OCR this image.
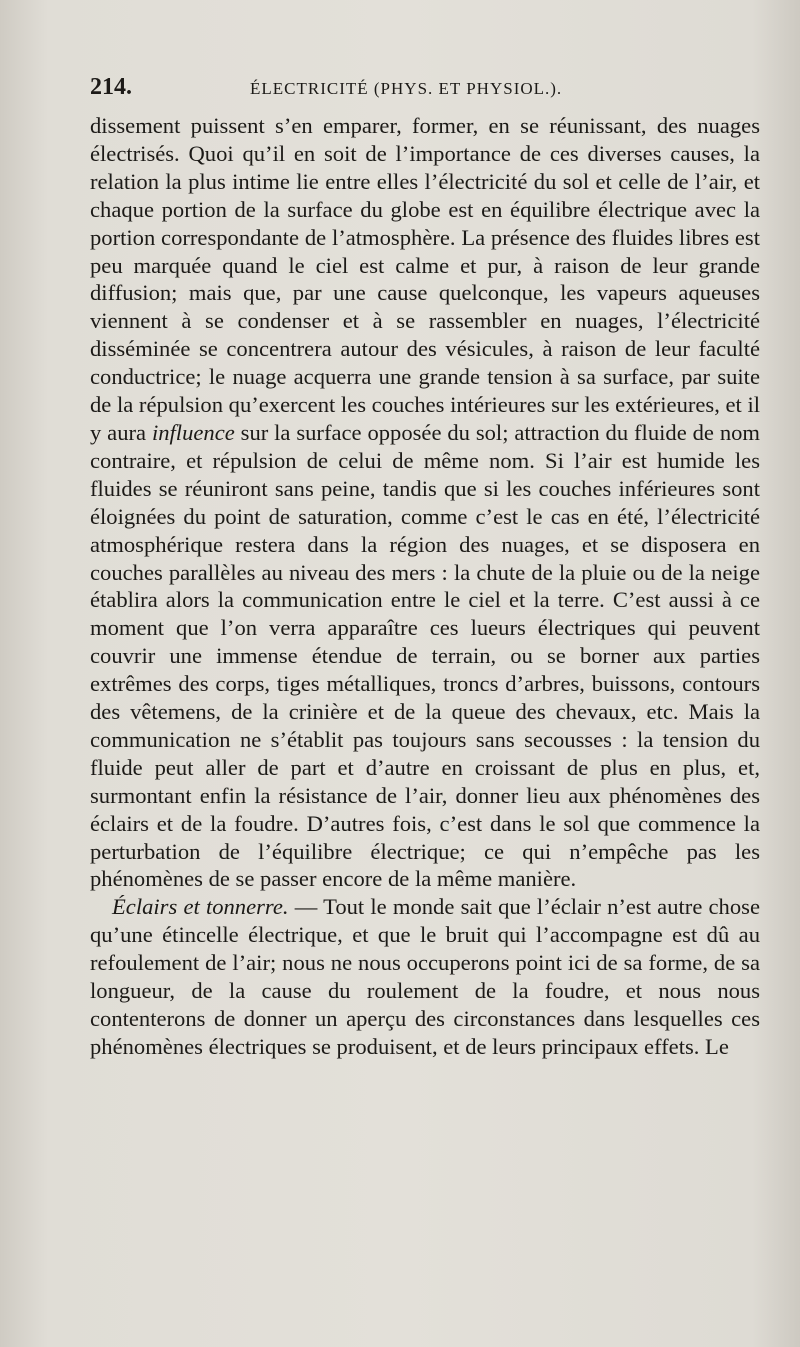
214.	ÉLECTRICITÉ (PHYS. ET PHYSIOL.).

dissement puissent s’en emparer, former, en se réunissant, des nuages électrisés. Quoi qu’il en soit de l’importance de ces diverses causes, la relation la plus intime lie entre elles l’électricité du sol et celle de l’air, et chaque portion de la surface du globe est en équilibre électrique avec la portion correspondante de l’atmosphère. La présence des fluides libres est peu marquée quand le ciel est calme et pur, à raison de leur grande diffusion; mais que, par une cause quelconque, les vapeurs aqueuses viennent à se condenser et à se rassembler en nuages, l’électricité disséminée se concentrera autour des vésicules, à raison de leur faculté conductrice; le nuage acquerra une grande tension à sa surface, par suite de la répulsion qu’exercent les couches intérieures sur les extérieures, et il y aura influence sur la surface opposée du sol; attraction du fluide de nom contraire, et répulsion de celui de même nom. Si l’air est humide les fluides se réuniront sans peine, tandis que si les couches inférieures sont éloignées du point de saturation, comme c’est le cas en été, l’électricité atmosphérique restera dans la région des nuages, et se disposera en couches parallèles au niveau des mers : la chute de la pluie ou de la neige établira alors la communication entre le ciel et la terre. C’est aussi à ce moment que l’on verra apparaître ces lueurs électriques qui peuvent couvrir une immense étendue de terrain, ou se borner aux parties extrêmes des corps, tiges métalliques, troncs d’arbres, buissons, contours des vêtemens, de la crinière et de la queue des chevaux, etc. Mais la communication ne s’établit pas toujours sans secousses : la tension du fluide peut aller de part et d’autre en croissant de plus en plus, et, surmontant enfin la résistance de l’air, donner lieu aux phénomènes des éclairs et de la foudre. D’autres fois, c’est dans le sol que commence la perturbation de l’équilibre électrique; ce qui n’empêche pas les phénomènes de se passer encore de la même manière.

Éclairs et tonnerre. — Tout le monde sait que l’éclair n’est autre chose qu’une étincelle électrique, et que le bruit qui l’accompagne est dû au refoulement de l’air; nous ne nous occuperons point ici de sa forme, de sa longueur, de la cause du roulement de la foudre, et nous nous contenterons de donner un aperçu des circonstances dans lesquelles ces phénomènes électriques se produisent, et de leurs principaux effets. Le
